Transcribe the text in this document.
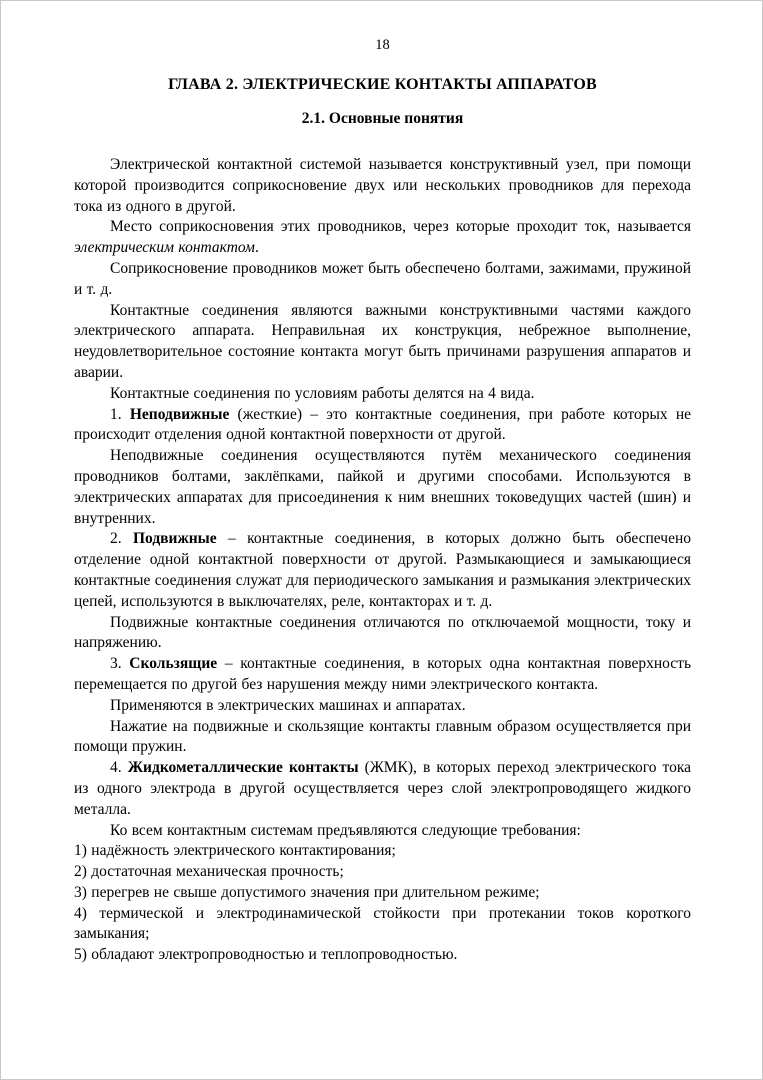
18
ГЛАВА 2. ЭЛЕКТРИЧЕСКИЕ КОНТАКТЫ АППАРАТОВ
2.1. Основные понятия

Электрической контактной системой называется конструктивный узел, при помощи которой производится соприкосновение двух или нескольких проводников для перехода тока из одного в другой.

Место соприкосновения этих проводников, через которые проходит ток, называется электрическим контактом.

Соприкосновение проводников может быть обеспечено болтами, зажимами, пружиной и т. д.

Контактные соединения являются важными конструктивными частями каждого электрического аппарата. Неправильная их конструкция, небрежное выполнение, неудовлетворительное состояние контакта могут быть причинами разрушения аппаратов и аварии.

Контактные соединения по условиям работы делятся на 4 вида.

1. Неподвижные (жесткие) – это контактные соединения, при работе которых не происходит отделения одной контактной поверхности от другой.

Неподвижные соединения осуществляются путём механического соединения проводников болтами, заклёпками, пайкой и другими способами. Используются в электрических аппаратах для присоединения к ним внешних токоведущих частей (шин) и внутренних.

2. Подвижные – контактные соединения, в которых должно быть обеспечено отделение одной контактной поверхности от другой. Размыкающиеся и замыкающиеся контактные соединения служат для периодического замыкания и размыкания электрических цепей, используются в выключателях, реле, контакторах и т. д.

Подвижные контактные соединения отличаются по отключаемой мощности, току и напряжению.

3. Скользящие – контактные соединения, в которых одна контактная поверхность перемещается по другой без нарушения между ними электрического контакта.

Применяются в электрических машинах и аппаратах.

Нажатие на подвижные и скользящие контакты главным образом осуществляется при помощи пружин.

4. Жидкометаллические контакты (ЖМК), в которых переход электрического тока из одного электрода в другой осуществляется через слой электропроводящего жидкого металла.

Ко всем контактным системам предъявляются следующие требования:

1) надёжность электрического контактирования;

2) достаточная механическая прочность;

3) перегрев не свыше допустимого значения при длительном режиме;

4) термической и электродинамической стойкости при протекании токов короткого замыкания;

5) обладают электропроводностью и теплопроводностью.
